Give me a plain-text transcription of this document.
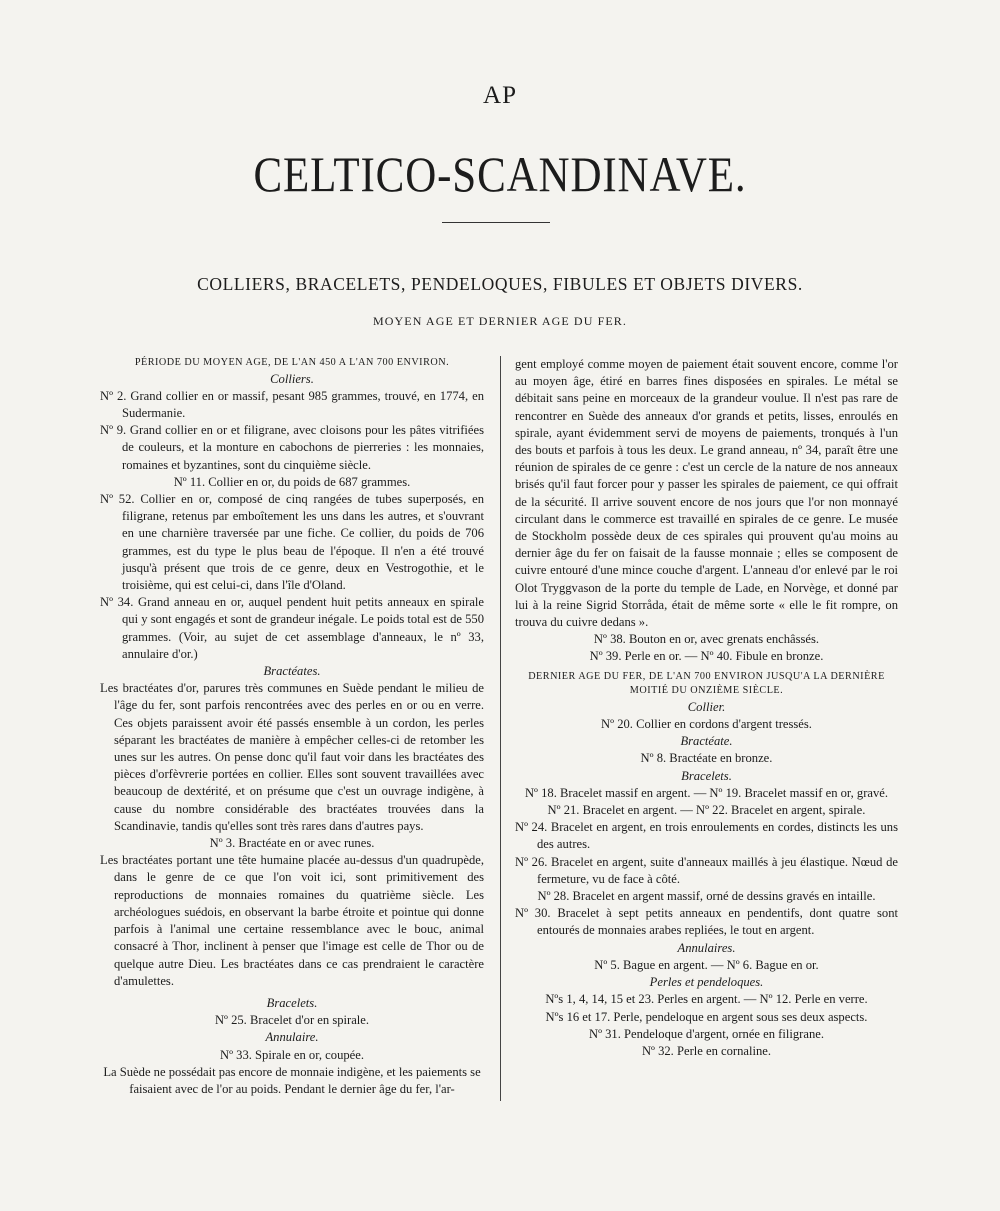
AP
CELTICO-SCANDINAVE.
COLLIERS, BRACELETS, PENDELOQUES, FIBULES ET OBJETS DIVERS.
MOYEN AGE ET DERNIER AGE DU FER.
PÉRIODE DU MOYEN AGE, DE L'AN 450 A L'AN 700 ENVIRON.
Colliers.
Nº 2. Grand collier en or massif, pesant 985 grammes, trouvé, en 1774, en Sudermanie.
Nº 9. Grand collier en or et filigrane, avec cloisons pour les pâtes vitrifiées de couleurs, et la monture en cabochons de pierreries : les monnaies, romaines et byzantines, sont du cinquième siècle.
Nº 11. Collier en or, du poids de 687 grammes.
Nº 52. Collier en or, composé de cinq rangées de tubes superposés, en filigrane, retenus par emboîtement les uns dans les autres, et s'ouvrant en une charnière traversée par une fiche. Ce collier, du poids de 706 grammes, est du type le plus beau de l'époque. Il n'en a été trouvé jusqu'à présent que trois de ce genre, deux en Vestrogothie, et le troisième, qui est celui-ci, dans l'île d'Oland.
Nº 34. Grand anneau en or, auquel pendent huit petits anneaux en spirale qui y sont engagés et sont de grandeur inégale. Le poids total est de 550 grammes. (Voir, au sujet de cet assemblage d'anneaux, le nº 33, annulaire d'or.)
Bractéates.
Les bractéates d'or, parures très communes en Suède pendant le milieu de l'âge du fer, sont parfois rencontrées avec des perles en or ou en verre. Ces objets paraissent avoir été passés ensemble à un cordon, les perles séparant les bractéates de manière à empêcher celles-ci de retomber les unes sur les autres. On pense donc qu'il faut voir dans les bractéates des pièces d'orfèvrerie portées en collier. Elles sont souvent travaillées avec beaucoup de dextérité, et on présume que c'est un ouvrage indigène, à cause du nombre considérable des bractéates trouvées dans la Scandinavie, tandis qu'elles sont très rares dans d'autres pays.
Nº 3. Bractéate en or avec runes.
Les bractéates portant une tête humaine placée au-dessus d'un quadrupède, dans le genre de ce que l'on voit ici, sont primitivement des reproductions de monnaies romaines du quatrième siècle. Les archéologues suédois, en observant la barbe étroite et pointue qui donne parfois à l'animal une certaine ressemblance avec le bouc, animal consacré à Thor, inclinent à penser que l'image est celle de Thor ou de quelque autre Dieu. Les bractéates dans ce cas prendraient le caractère d'amulettes.
Bracelets.
Nº 25. Bracelet d'or en spirale.
Annulaire.
Nº 33. Spirale en or, coupée.
La Suède ne possédait pas encore de monnaie indigène, et les paiements se faisaient avec de l'or au poids. Pendant le dernier âge du fer, l'ar-
gent employé comme moyen de paiement était souvent encore, comme l'or au moyen âge, étiré en barres fines disposées en spirales. Le métal se débitait sans peine en morceaux de la grandeur voulue. Il n'est pas rare de rencontrer en Suède des anneaux d'or grands et petits, lisses, enroulés en spirale, ayant évidemment servi de moyens de paiements, tronqués à l'un des bouts et parfois à tous les deux. Le grand anneau, nº 34, paraît être une réunion de spirales de ce genre : c'est un cercle de la nature de nos anneaux brisés qu'il faut forcer pour y passer les spirales de paiement, ce qui offrait de la sécurité. Il arrive souvent encore de nos jours que l'or non monnayé circulant dans le commerce est travaillé en spirales de ce genre. Le musée de Stockholm possède deux de ces spirales qui prouvent qu'au moins au dernier âge du fer on faisait de la fausse monnaie ; elles se composent de cuivre entouré d'une mince couche d'argent. L'anneau d'or enlevé par le roi Olot Tryggvason de la porte du temple de Lade, en Norvège, et donné par lui à la reine Sigrid Storråda, était de même sorte « elle le fit rompre, on trouva du cuivre dedans ».
Nº 38. Bouton en or, avec grenats enchâssés.
Nº 39. Perle en or. — Nº 40. Fibule en bronze.
DERNIER AGE DU FER, DE L'AN 700 ENVIRON JUSQU'A LA DERNIÈRE MOITIÉ DU ONZIÈME SIÈCLE.
Collier.
Nº 20. Collier en cordons d'argent tressés.
Bractéate.
Nº 8. Bractéate en bronze.
Bracelets.
Nº 18. Bracelet massif en argent. — Nº 19. Bracelet massif en or, gravé.
Nº 21. Bracelet en argent. — Nº 22. Bracelet en argent, spirale.
Nº 24. Bracelet en argent, en trois enroulements en cordes, distincts les uns des autres.
Nº 26. Bracelet en argent, suite d'anneaux maillés à jeu élastique. Nœud de fermeture, vu de face à côté.
Nº 28. Bracelet en argent massif, orné de dessins gravés en intaille.
Nº 30. Bracelet à sept petits anneaux en pendentifs, dont quatre sont entourés de monnaies arabes repliées, le tout en argent.
Annulaires.
Nº 5. Bague en argent. — Nº 6. Bague en or.
Perles et pendeloques.
Nºs 1, 4, 14, 15 et 23. Perles en argent. — Nº 12. Perle en verre.
Nºs 16 et 17. Perle, pendeloque en argent sous ses deux aspects.
Nº 31. Pendeloque d'argent, ornée en filigrane.
Nº 32. Perle en cornaline.
